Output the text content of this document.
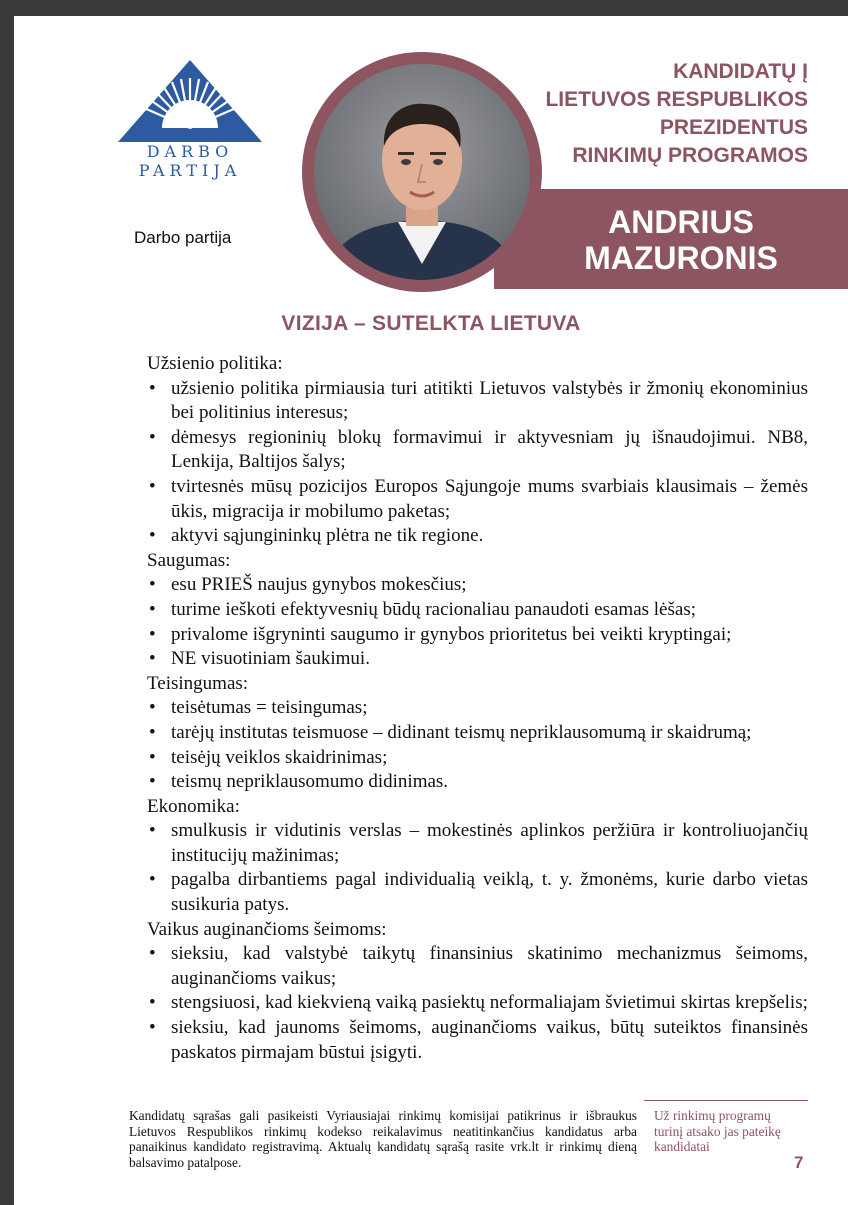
DARBO
PARTIJA
Darbo partija
KANDIDATŲ Į
LIETUVOS RESPUBLIKOS
PREZIDENTUS
RINKIMŲ PROGRAMOS
ANDRIUS
MAZURONIS
VIZIJA – SUTELKTA LIETUVA

Užsienio politika:

• užsienio politika pirmiausia turi atitikti Lietuvos valstybės ir žmonių ekonominius bei politinius interesus;
• dėmesys regioninių blokų formavimui ir aktyvesniam jų išnaudojimui. NB8, Lenkija, Baltijos šalys;
• tvirtesnės mūsų pozicijos Europos Sąjungoje mums svarbiais klausimais – žemės ūkis, migracija ir mobilumo paketas;
• aktyvi sąjungininkų plėtra ne tik regione.

Saugumas:

• esu PRIEŠ naujus gynybos mokesčius;
• turime ieškoti efektyvesnių būdų racionaliau panaudoti esamas lėšas;
• privalome išgryninti saugumo ir gynybos prioritetus bei veikti kryptingai;
• NE visuotiniam šaukimui.

Teisingumas:

• teisėtumas = teisingumas;
• tarėjų institutas teismuose – didinant teismų nepriklausomumą ir skaidrumą;
• teisėjų veiklos skaidrinimas;
• teismų nepriklausomumo didinimas.

Ekonomika:

• smulkusis ir vidutinis verslas – mokestinės aplinkos peržiūra ir kontroliuojančių institucijų mažinimas;
• pagalba dirbantiems pagal individualią veiklą, t. y. žmonėms, kurie darbo vietas susikuria patys.

Vaikus auginančioms šeimoms:

• sieksiu, kad valstybė taikytų finansinius skatinimo mechanizmus šeimoms, auginančioms vaikus;
• stengsiuosi, kad kiekvieną vaiką pasiektų neformaliajam švietimui skirtas krepšelis;
• sieksiu, kad jaunoms šeimoms, auginančioms vaikus, būtų suteiktos finansinės paskatos pirmajam būstui įsigyti.
Kandidatų sąrašas gali pasikeisti Vyriausiajai rinkimų komisijai patikrinus ir išbraukus Lietuvos Respublikos rinkimų kodekso reikalavimus neatitinkančius kandidatus arba panaikinus kandidato registravimą. Aktualų kandidatų sąrašą rasite vrk.lt ir rinkimų dieną balsavimo patalpose.
Už rinkimų programų turinį atsako jas pateikę kandidatai
7
